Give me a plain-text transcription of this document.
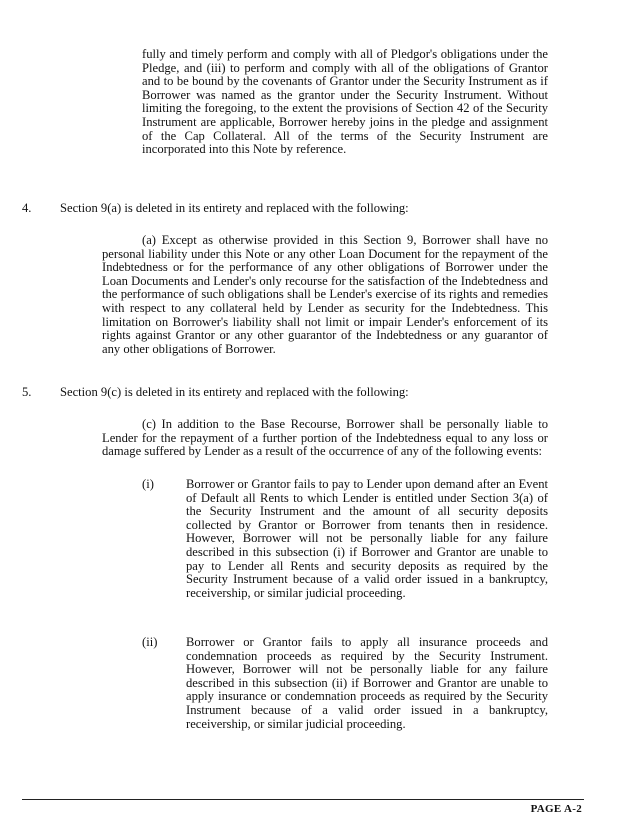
fully and timely perform and comply with all of Pledgor's obligations under the Pledge, and (iii) to perform and comply with all of the obligations of Grantor and to be bound by the covenants of Grantor under the Security Instrument as if Borrower was named as the grantor under the Security Instrument. Without limiting the foregoing, to the extent the provisions of Section 42 of the Security Instrument are applicable, Borrower hereby joins in the pledge and assignment of the Cap Collateral. All of the terms of the Security Instrument are incorporated into this Note by reference.

4. Section 9(a) is deleted in its entirety and replaced with the following:

(a) Except as otherwise provided in this Section 9, Borrower shall have no personal liability under this Note or any other Loan Document for the repayment of the Indebtedness or for the performance of any other obligations of Borrower under the Loan Documents and Lender's only recourse for the satisfaction of the Indebtedness and the performance of such obligations shall be Lender's exercise of its rights and remedies with respect to any collateral held by Lender as security for the Indebtedness. This limitation on Borrower's liability shall not limit or impair Lender's enforcement of its rights against Grantor or any other guarantor of the Indebtedness or any guarantor of any other obligations of Borrower.

5. Section 9(c) is deleted in its entirety and replaced with the following:

(c) In addition to the Base Recourse, Borrower shall be personally liable to Lender for the repayment of a further portion of the Indebtedness equal to any loss or damage suffered by Lender as a result of the occurrence of any of the following events:

(i)	Borrower or Grantor fails to pay to Lender upon demand after an Event of Default all Rents to which Lender is entitled under Section 3(a) of the Security Instrument and the amount of all security deposits collected by Grantor or Borrower from tenants then in residence. However, Borrower will not be personally liable for any failure described in this subsection (i) if Borrower and Grantor are unable to pay to Lender all Rents and security deposits as required by the Security Instrument because of a valid order issued in a bankruptcy, receivership, or similar judicial proceeding.

(ii) Borrower or Grantor fails to apply all insurance proceeds and condemnation proceeds as required by the Security Instrument. However, Borrower will not be personally liable for any failure described in this subsection (ii) if Borrower and Grantor are unable to apply insurance or condemnation proceeds as required by the Security Instrument because of a valid order issued in a bankruptcy, receivership, or similar judicial proceeding.

PAGE A-2
